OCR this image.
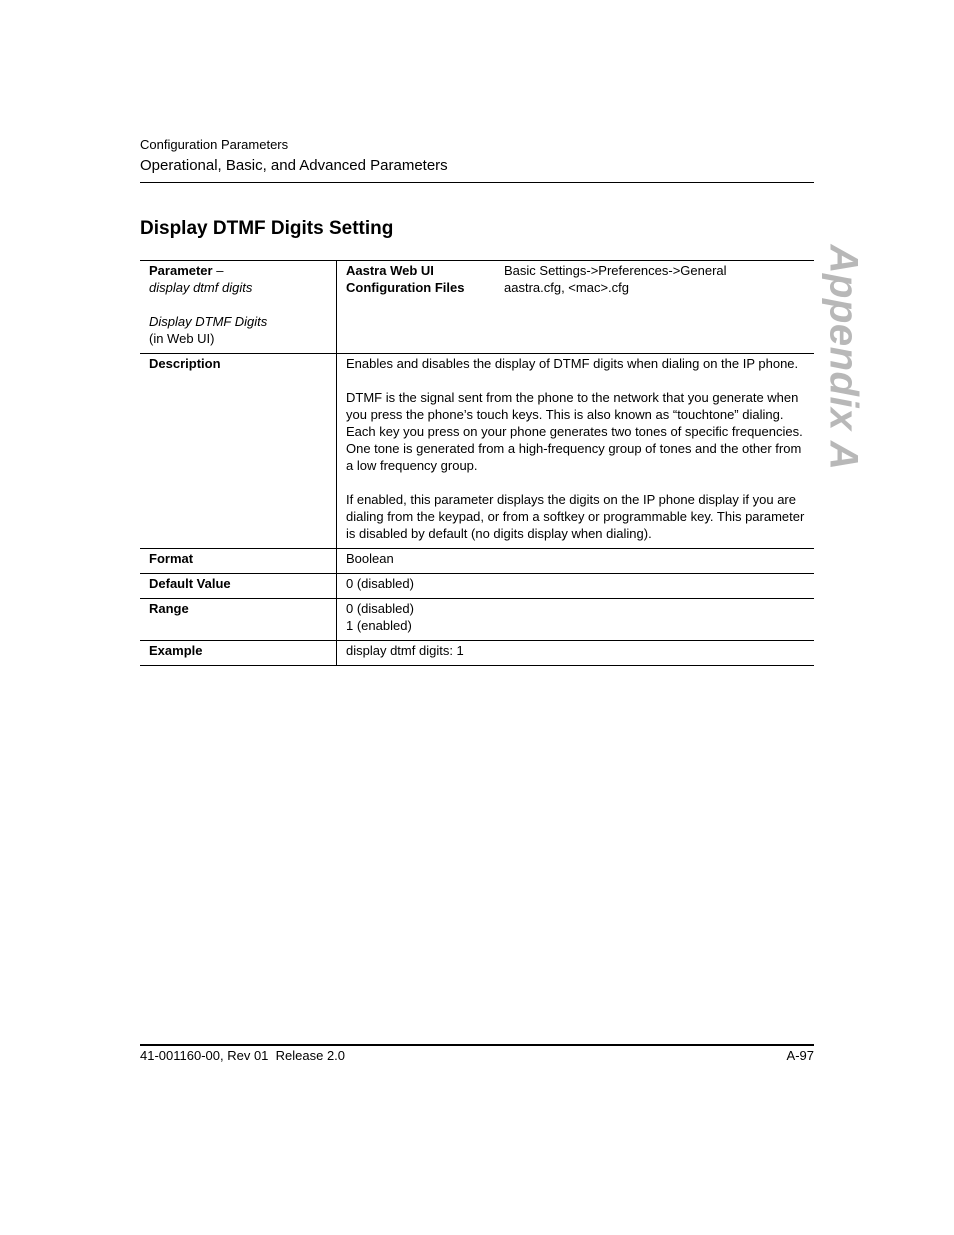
Configuration Parameters
Operational, Basic, and Advanced Parameters
Display DTMF Digits Setting
Appendix A
Parameter –
display dtmf digits
Display DTMF Digits
(in Web UI)	Aastra Web UI Basic Settings->Preferences->General
Configuration Files aastra.cfg, <mac>.cfg

Description	Enables and disables the display of DTMF digits when dialing on the IP phone.

DTMF is the signal sent from the phone to the network that you generate when you press the phone’s touch keys. This is also known as “touchtone” dialing. Each key you press on your phone generates two tones of specific frequencies. One tone is generated from a high-frequency group of tones and the other from a low frequency group.

If enabled, this parameter displays the digits on the IP phone display if you are dialing from the keypad, or from a softkey or programmable key. This parameter is disabled by default (no digits display when dialing).

Format	Boolean
Default Value	0 (disabled)
Range	0 (disabled)
1 (enabled)

Example	display dtmf digits: 1
41-001160-00, Rev 01  Release 2.0	A-97
